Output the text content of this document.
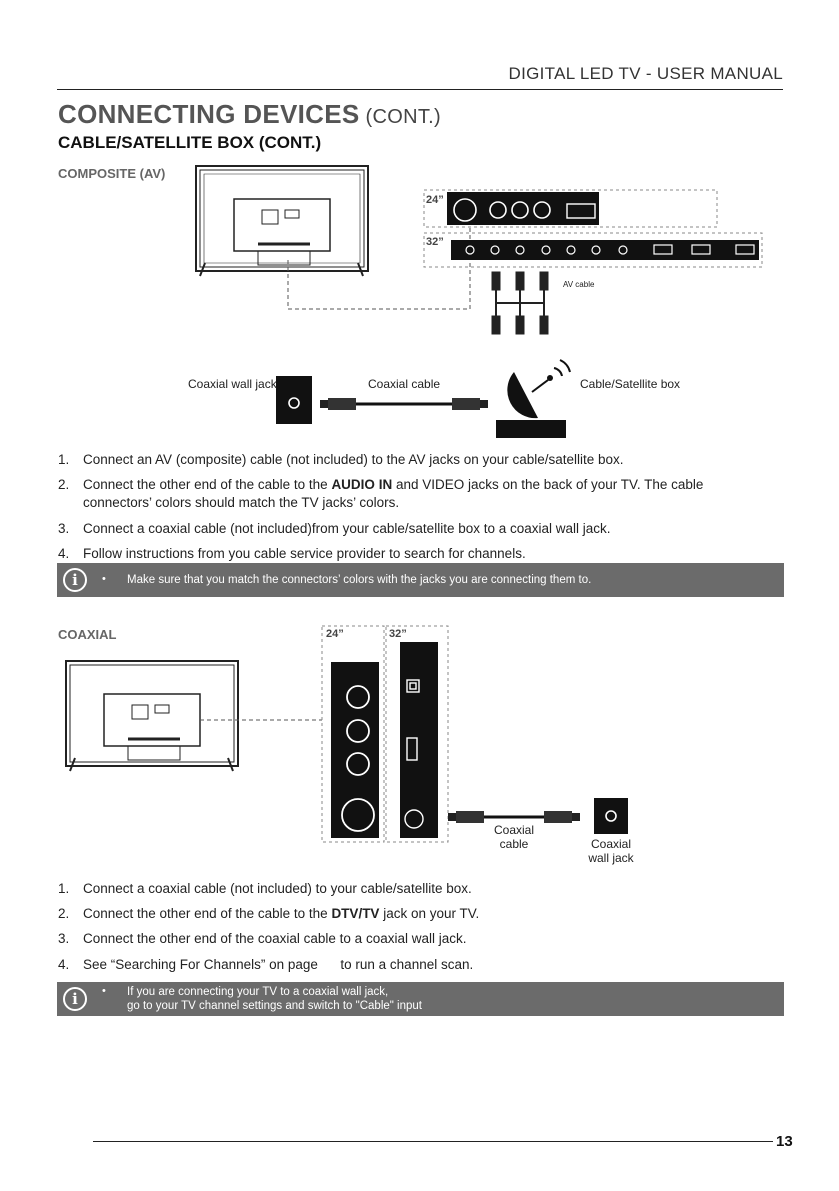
DIGITAL LED TV - USER MANUAL
CONNECTING DEVICES (CONT.)
CABLE/SATELLITE BOX (CONT.)
COMPOSITE (AV)
24”
32”
AV cable
Coaxial wall jack	Coaxial cable	Cable/Satellite box
1.	Connect an AV (composite) cable (not included) to the AV jacks on your cable/satellite box.
2.	Connect the other end of the cable to the AUDIO IN and VIDEO jacks on the back of your TV. The cable connectors’ colors should match the TV jacks’ colors.
3.	Connect a coaxial cable (not included)from your cable/satellite box to a coaxial wall jack.
4.	Follow instructions from you cable service provider to search for channels.
i	• Make sure that you match the connectors’ colors with the jacks you are connecting them to.
COAXIAL	24”	32”
Coaxial
cable	Coaxial
wall jack
1.	Connect a coaxial cable (not included) to your cable/satellite box.
2.	Connect the other end of the cable to the DTV/TV jack on your TV.
3.	Connect the other end of the coaxial cable to a coaxial wall jack.
4.	See “Searching For Channels” on page      to run a channel scan.
i	• If you are connecting your TV to a coaxial wall jack,
go to your TV channel settings and switch to "Cable" input
13
